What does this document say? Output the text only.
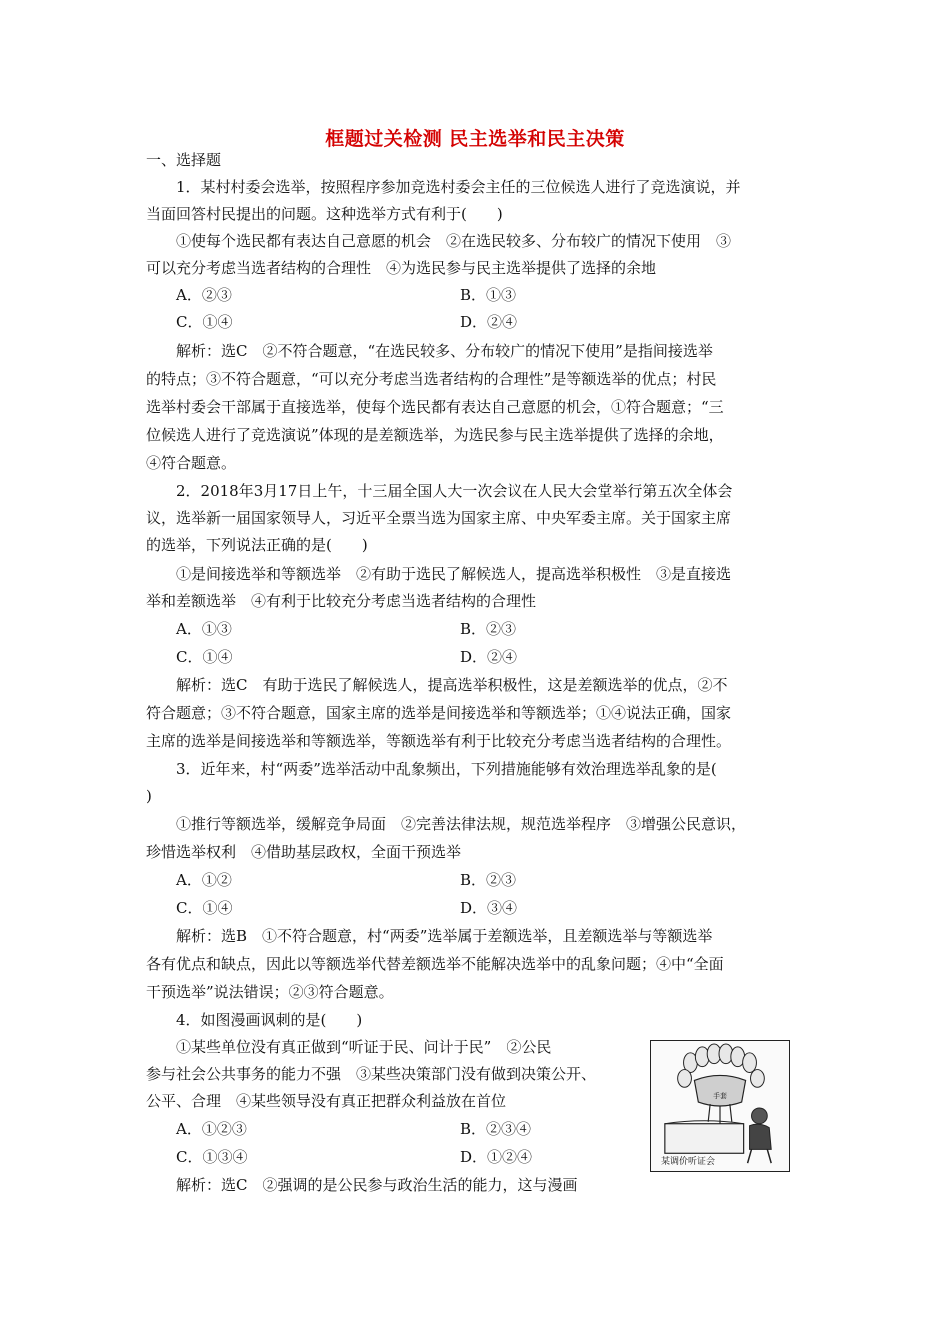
框题过关检测 民主选举和民主决策
一、选择题
1．某村村委会选举，按照程序参加竞选村委会主任的三位候选人进行了竞选演说，并
当面回答村民提出的问题。这种选举方式有利于(　　)
①使每个选民都有表达自己意愿的机会　②在选民较多、分布较广的情况下使用　③
可以充分考虑当选者结构的合理性　④为选民参与民主选举提供了选择的余地
A．②③	B．①③
C．①④	D．②④
解析：选C　②不符合题意，“在选民较多、分布较广的情况下使用”是指间接选举
的特点；③不符合题意，“可以充分考虑当选者结构的合理性”是等额选举的优点；村民
选举村委会干部属于直接选举，使每个选民都有表达自己意愿的机会，①符合题意；“三
位候选人进行了竞选演说”体现的是差额选举，为选民参与民主选举提供了选择的余地，
④符合题意。
2．2018年3月17日上午，十三届全国人大一次会议在人民大会堂举行第五次全体会
议，选举新一届国家领导人，习近平全票当选为国家主席、中央军委主席。关于国家主席
的选举，下列说法正确的是(　　)
①是间接选举和等额选举　②有助于选民了解候选人，提高选举积极性　③是直接选
举和差额选举　④有利于比较充分考虑当选者结构的合理性
A．①③	B．②③
C．①④	D．②④
解析：选C　有助于选民了解候选人，提高选举积极性，这是差额选举的优点，②不
符合题意；③不符合题意，国家主席的选举是间接选举和等额选举；①④说法正确，国家
主席的选举是间接选举和等额选举，等额选举有利于比较充分考虑当选者结构的合理性。
3．近年来，村“两委”选举活动中乱象频出，下列措施能够有效治理选举乱象的是(
)
①推行等额选举，缓解竞争局面　②完善法律法规，规范选举程序　③增强公民意识，
珍惜选举权利　④借助基层政权，全面干预选举
A．①②	B．②③
C．①④	D．③④
解析：选B　①不符合题意，村“两委”选举属于差额选举，且差额选举与等额选举
各有优点和缺点，因此以等额选举代替差额选举不能解决选举中的乱象问题；④中“全面
干预选举”说法错误；②③符合题意。
4．如图漫画讽刺的是(　　)
①某些单位没有真正做到“听证于民、问计于民”　②公民
参与社会公共事务的能力不强　③某些决策部门没有做到决策公开、
公平、合理　④某些领导没有真正把群众利益放在首位
A．①②③	B．②③④
C．①③④	D．①②④
解析：选C　②强调的是公民参与政治生活的能力，这与漫画
手套
某调价听证会
